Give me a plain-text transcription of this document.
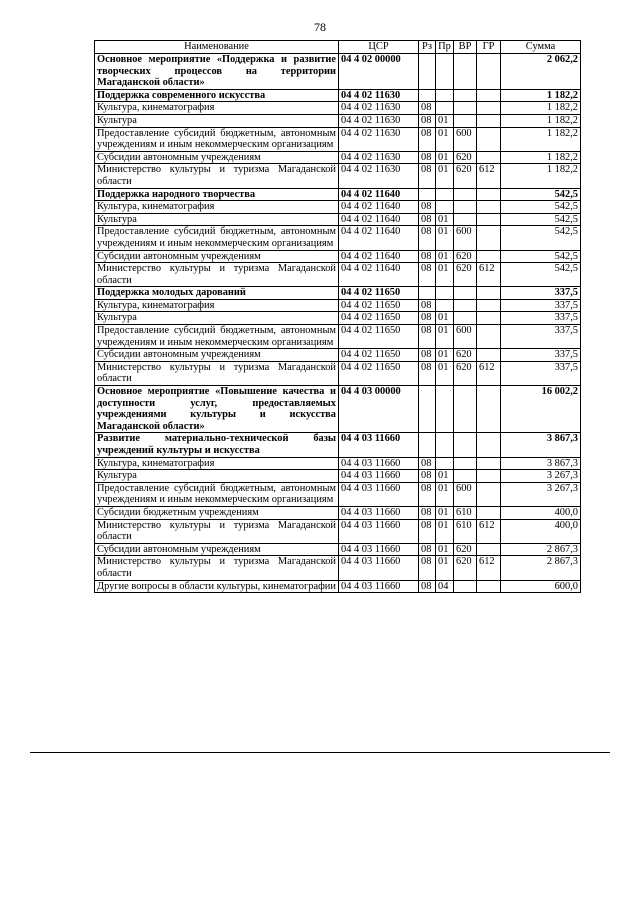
78
Наименование	ЦСР	Рз	Пр	ВР	ГР	Сумма
Основное мероприятие «Поддержка и развитие творческих процессов на территории Магаданской области»	04 4 02 00000					2 062,2
Поддержка современного искусства	04 4 02 11630					1 182,2
Культура, кинематография	04 4 02 11630	08				1 182,2
Культура	04 4 02 11630	08	01			1 182,2
Предоставление субсидий бюджетным, автономным учреждениям и иным некоммерческим организациям	04 4 02 11630	08	01	600		1 182,2
Субсидии автономным учреждениям	04 4 02 11630	08	01	620		1 182,2
Министерство культуры и туризма Магаданской области	04 4 02 11630	08	01	620	612	1 182,2
Поддержка народного творчества	04 4 02 11640					542,5
Культура, кинематография	04 4 02 11640	08				542,5
Культура	04 4 02 11640	08	01			542,5
Предоставление субсидий бюджетным, автономным учреждениям и иным некоммерческим организациям	04 4 02 11640	08	01	600		542,5
Субсидии автономным учреждениям	04 4 02 11640	08	01	620		542,5
Министерство культуры и туризма Магаданской области	04 4 02 11640	08	01	620	612	542,5
Поддержка молодых дарований	04 4 02 11650					337,5
Культура, кинематография	04 4 02 11650	08				337,5
Культура	04 4 02 11650	08	01			337,5
Предоставление субсидий бюджетным, автономным учреждениям и иным некоммерческим организациям	04 4 02 11650	08	01	600		337,5
Субсидии автономным учреждениям	04 4 02 11650	08	01	620		337,5
Министерство культуры и туризма Магаданской области	04 4 02 11650	08	01	620	612	337,5
Основное мероприятие «Повышение качества и доступности услуг, предоставляемых учреждениями культуры и искусства Магаданской области»	04 4 03 00000					16 002,2
Развитие материально-технической базы учреждений культуры и искусства	04 4 03 11660					3 867,3
Культура, кинематография	04 4 03 11660	08				3 867,3
Культура	04 4 03 11660	08	01			3 267,3
Предоставление субсидий бюджетным, автономным учреждениям и иным некоммерческим организациям	04 4 03 11660	08	01	600		3 267,3
Субсидии бюджетным учреждениям	04 4 03 11660	08	01	610		400,0
Министерство культуры и туризма Магаданской области	04 4 03 11660	08	01	610	612	400,0
Субсидии автономным учреждениям	04 4 03 11660	08	01	620		2 867,3
Министерство культуры и туризма Магаданской области	04 4 03 11660	08	01	620	612	2 867,3
Другие вопросы в области культуры, кинематографии	04 4 03 11660	08	04			600,0
